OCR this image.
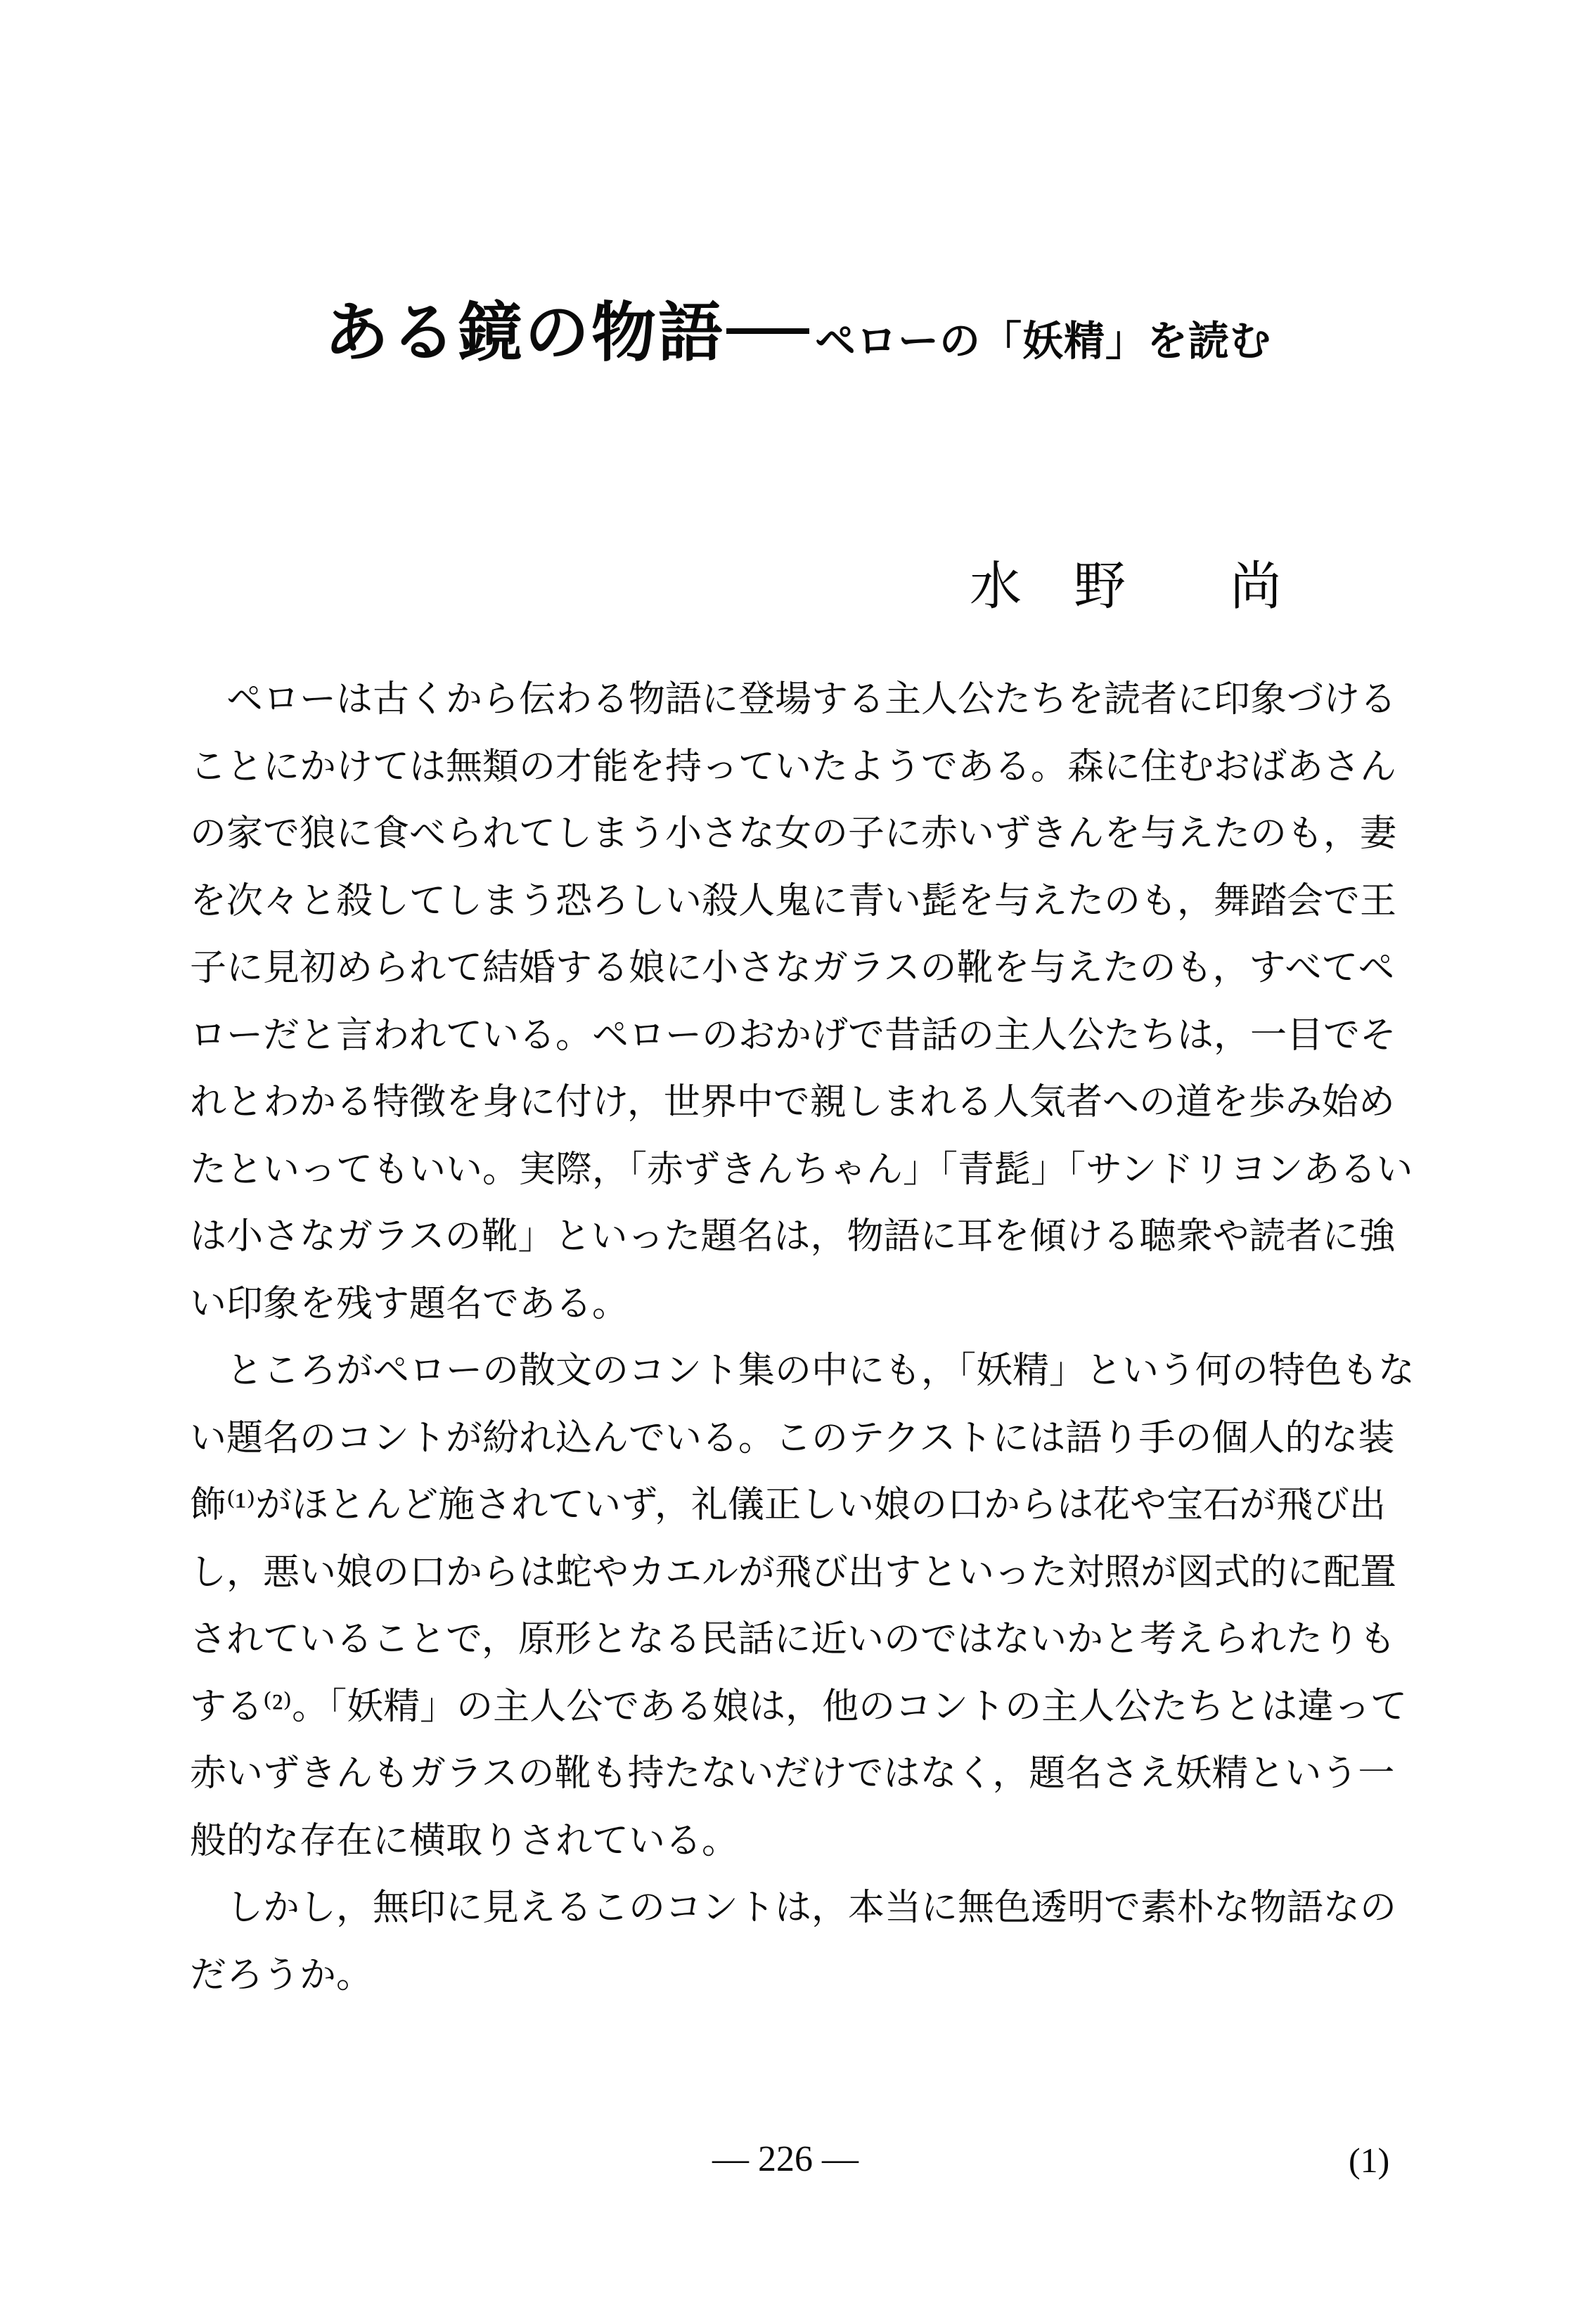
ある鏡の物語 ペローの「妖精」を読む
水　野　　尚
　ペローは古くから伝わる物語に登場する主人公たちを読者に印象づける
ことにかけては無類の才能を持っていたようである。森に住むおばあさん
の家で狼に食べられてしまう小さな女の子に赤いずきんを与えたのも，妻
を次々と殺してしまう恐ろしい殺人鬼に青い髭を与えたのも，舞踏会で王
子に見初められて結婚する娘に小さなガラスの靴を与えたのも，すべてペ
ローだと言われている。ペローのおかげで昔話の主人公たちは，一目でそ
れとわかる特徴を身に付け，世界中で親しまれる人気者への道を歩み始め
たといってもいい。実際，「赤ずきんちゃん」「青髭」「サンドリヨンあるい
は小さなガラスの靴」といった題名は，物語に耳を傾ける聴衆や読者に強
い印象を残す題名である。
　ところがペローの散文のコント集の中にも，「妖精」という何の特色もな
い題名のコントが紛れ込んでいる。このテクストには語り手の個人的な装
飾⁽¹⁾がほとんど施されていず，礼儀正しい娘の口からは花や宝石が飛び出
し，悪い娘の口からは蛇やカエルが飛び出すといった対照が図式的に配置
されていることで，原形となる民話に近いのではないかと考えられたりも
する⁽²⁾。「妖精」の主人公である娘は，他のコントの主人公たちとは違って
赤いずきんもガラスの靴も持たないだけではなく，題名さえ妖精という一
般的な存在に横取りされている。
　しかし，無印に見えるこのコントは，本当に無色透明で素朴な物語なの
だろうか。
— 226 —	(1)
